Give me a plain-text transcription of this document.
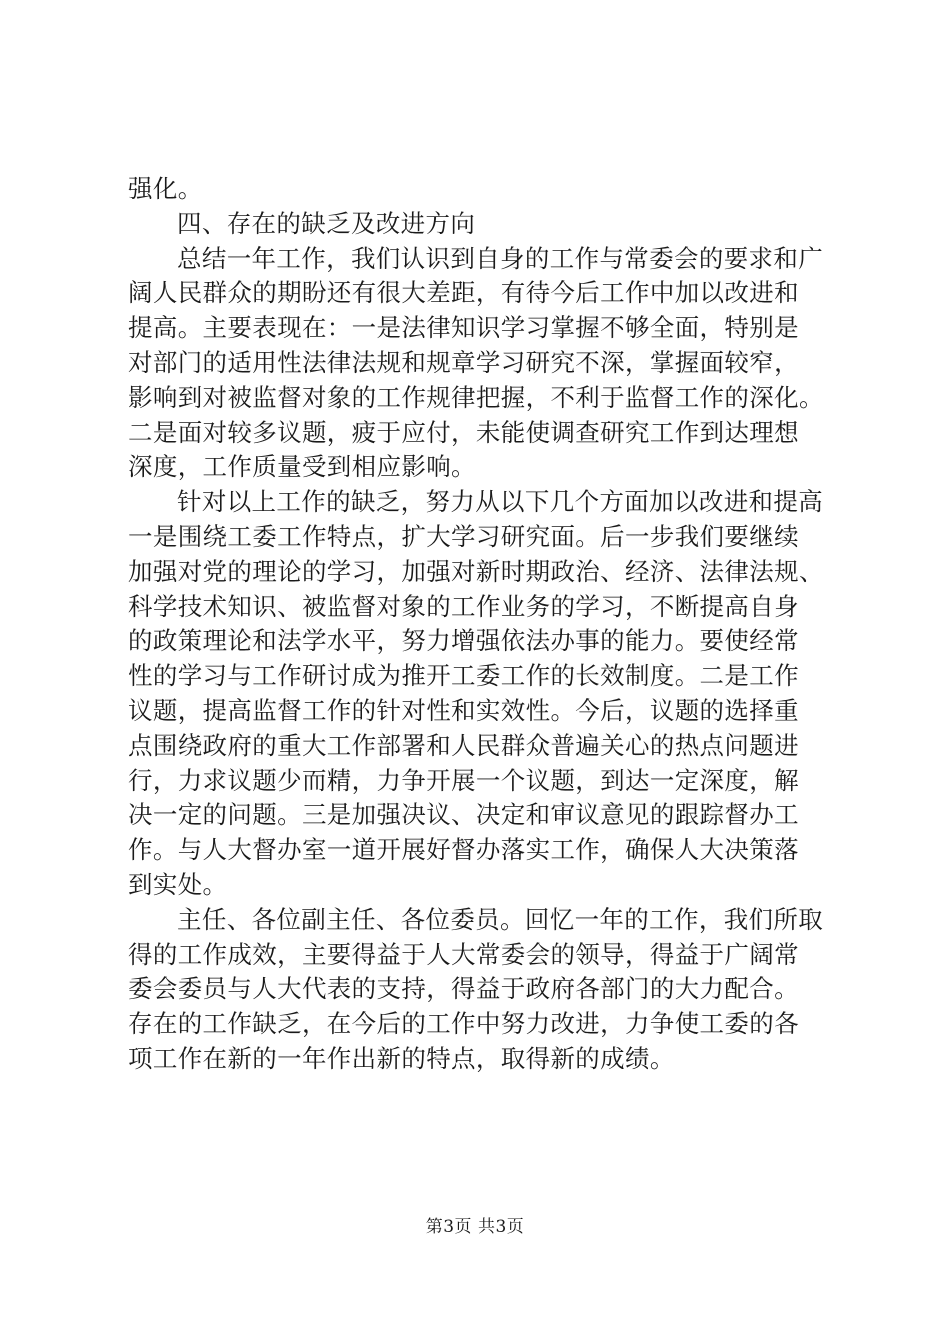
强化。
四、存在的缺乏及改进方向
总结一年工作，我们认识到自身的工作与常委会的要求和广
阔人民群众的期盼还有很大差距，有待今后工作中加以改进和
提高。主要表现在：一是法律知识学习掌握不够全面，特别是
对部门的适用性法律法规和规章学习研究不深，掌握面较窄，
影响到对被监督对象的工作规律把握，不利于监督工作的深化。
二是面对较多议题，疲于应付，未能使调查研究工作到达理想
深度，工作质量受到相应影响。
针对以上工作的缺乏，努力从以下几个方面加以改进和提高
一是围绕工委工作特点，扩大学习研究面。后一步我们要继续
加强对党的理论的学习，加强对新时期政治、经济、法律法规、
科学技术知识、被监督对象的工作业务的学习，不断提高自身
的政策理论和法学水平，努力增强依法办事的能力。要使经常
性的学习与工作研讨成为推开工委工作的长效制度。二是工作
议题，提高监督工作的针对性和实效性。今后，议题的选择重
点围绕政府的重大工作部署和人民群众普遍关心的热点问题进
行，力求议题少而精，力争开展一个议题，到达一定深度，解
决一定的问题。三是加强决议、决定和审议意见的跟踪督办工
作。与人大督办室一道开展好督办落实工作，确保人大决策落
到实处。
主任、各位副主任、各位委员。回忆一年的工作，我们所取
得的工作成效，主要得益于人大常委会的领导，得益于广阔常
委会委员与人大代表的支持，得益于政府各部门的大力配合。
存在的工作缺乏，在今后的工作中努力改进，力争使工委的各
项工作在新的一年作出新的特点，取得新的成绩。
第3页 共3页
